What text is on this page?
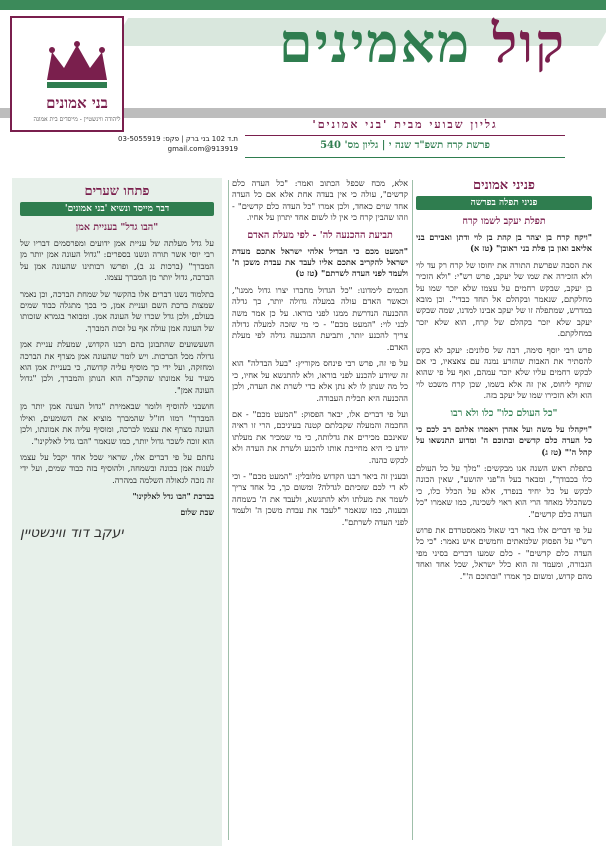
בני אמונים
ליהודה ווינשטיין - מייסדים בית אמונה
ת.ד 102 בני ברק | פקס: 03-5055919
913919@gmail.com
קול מאמינים
גליון שבועי מבית 'בני אמונים'
פרשת קרח תשפ"ד שנה י | גליון מס' 540
פניני אמונים
פניני תפלה בפרשה
תפלת יעקב לשמו קרח

"ויקח קרח בן יצהר בן קהת בן לוי ודתן ואבירם בני אליאב ואון בן פלת בני ראובן" (טז א)

את הסבה שפרשת התורה את יחוסו של קרח רק עד לוי ולא הזכירה את שמו של יעקב, פרש רש"י: "ולא הזכיר בן יעקב, שבקש רחמים על עצמו שלא יזכר שמו על מחלקתם, שנאמר ובקהלם אל תחד כבדי". וכן מובא במדרש, שמתפלה זו של יעקב אבינו למדנו, שמה שבקש יעקב שלא יזכר בקהלם של קרח, הוא שלא יזכר במחלקתם.

פרש רבי יוסף סימה, רבה של סלונים: יעקב לא בקש להסתיר את האבות שהזרע נמנה עם צאצאיו, כי אם לבקש רחמים עליו שלא יזכר עמהם, ואף על פי שהוא שותף ליחוס, אין זה אלא בשמו, שכן קרח משבט לוי הוא ולא הזכירו שמו של יעקב בזה.

"כל העולם כלו" כלו ולא רבו

"ויקהלו על משה ועל אהרן ויאמרו אלהם רב לכם כי כל העדה כלם קדשים ובתוכם ה' ומדוע תתנשאו על קהל ה'" (טז ג)

בתפלת ראש השנה אנו מבקשים: "מלך על כל העולם כלו בכבודך", ומבאר בעל ה"פני יהושע", שאין הכונה לבקש על כל יחיד בנפרד, אלא על הכלל כלו, כי כשהכלל מאחד הרי הוא ראוי לשכינה, כמו שאמרו "כל העדה כלם קדשים".

על פי דברים אלו באר רבי שאול מאמסטרדם את פרוש רש"י על הפסוק שלמאתים וחמשים איש נאמר: "כי כל העדה כלם קדשים" - כלם שמעו דברים בסיני מפי הגבורה, ומעמד זה הוא כלל ישראל, שכל אחד ואחד מהם קדוש, ומשום כך אמרו "ובתוכם ה'".

אלא, מכח שכפל הכתוב ואמר: "כל העדה כלם קדשים", עולה כי אין בעדה אחת אלא אם כל העדה אחד שוים כאחד, ולכן אמרו "כל העדה כלם קדשים" - וזהו שהבין קרח כי אין לו לשום אחד יתרון על אחיו.

תביעת ההכנעה לה' - לפי מעלת האדם

"המעט מכם כי הבדיל אלהי ישראל אתכם מעדת ישראל להקריב אתכם אליו לעבד את עבדת משכן ה' ולעמד לפני העדה לשרתם" (טז ט)

חכמים לימדונו: "כל הגדול מחברו יצרו גדול ממנו", וכאשר האדם עולה במעלה גדולה יותר, כך גדלה ההכנעה הנדרשת ממנו לפני בוראו. על כן אמר משה לבני לוי: "המעט מכם" - כי מי שזכה למעלה גדולה צריך להכנע יותר, ותביעת ההכנעה גדלה לפי מעלת האדם.

על פי זה, פרש רבי פינחס מקוריץ: "בעל הבדלה" הוא זה שיודע להכנע לפני בוראו, ולא להתנשא על אחיו, כי כל מה שנתן לו לא נתן אלא כדי לשרת את העדה, ולכן ההכנעה היא תכלית העבודה.

ועל פי דברים אלו, יבאר הפסוק: "המעט מכם" - אם החכמה והמעלה שקבלתם קטנה בעיניכם, הרי זו ראיה שאינכם מכירים את גדלותה, כי מי שמכיר את מעלתו יודע כי היא מחייבת אותו להכנע ולשרת את העדה ולא לבקש כהנה.

ובענין זה ביאר רבנו הקדוש מלובלין: "המעט מכם" - וכי לא די לכם שזכיתם לגדלה? ומשום כך, כל אחד צריך לשמר את מעלתו ולא להתנשא, ולעבד את ה' בשמחה ובענוה, כמו שנאמר "לעבד את עבדת משכן ה' ולעמד לפני העדה לשרתם".

פתחו שערים
דבר מייסד ונשיא 'בני אמונים'
"הבו גדל" בעניית אמן

על גדל מעלתה של עניית אמן ידועים ומפרסמים דבריו של רבי יוסי אשר תורה ונשנו בספרים: "גדול העונה אמן יותר מן המברך" (ברכות נג ב), ופרשו רבותינו שהעונה אמן על הברכה, גדול יותר מן המברך עצמו.

בתלמוד נשנו דברים אלו בהקשר של שמחת הברכה, וכן נאמר שמצות ברכת השם ועניית אמן, כי בכך מתגלה כבוד שמים בעולם, ולכן גדל שכרו של העונה אמן. ומבואר בגמרא שזכותו של העונה אמן עולה אף על זכות המברך.

השעשועים שהתבונן בהם רבנו הקדוש, שמעלת עניית אמן גדולה מכל הברכות. ויש לומר שהעונה אמן מצרף את הברכה ומחזקה, ועל ידי כך מוסיף עליה קדושה, כי בעניית אמן הוא מעיד על אמונתו שהקב"ה הוא הנותן והמברך, ולכן "גדול העונה אמן".

חושבני להוסיף ולומר שבאמירת "גדול העונה אמן יותר מן המברך" רמזו חז"ל שהמברך מוציא את השומעים, ואילו העונה מצרף את עצמו לברכה, ומוסיף עליה את אמונתו, ולכן הוא זוכה לשכר גדול יותר, כמו שנאמר "הבו גדל לאלקינו".

נחתם על פי דברים אלו, שראוי שכל אחד יקבל על עצמו לענות אמן בכונה ובשמחה, ולהוסיף בזה כבוד שמים, ועל ידי זה נזכה לגאולה השלמה במהרה.

בברכת "הבו גדל לאלקינו"
שבת שלום
יעקב דוד ווינשטיין
